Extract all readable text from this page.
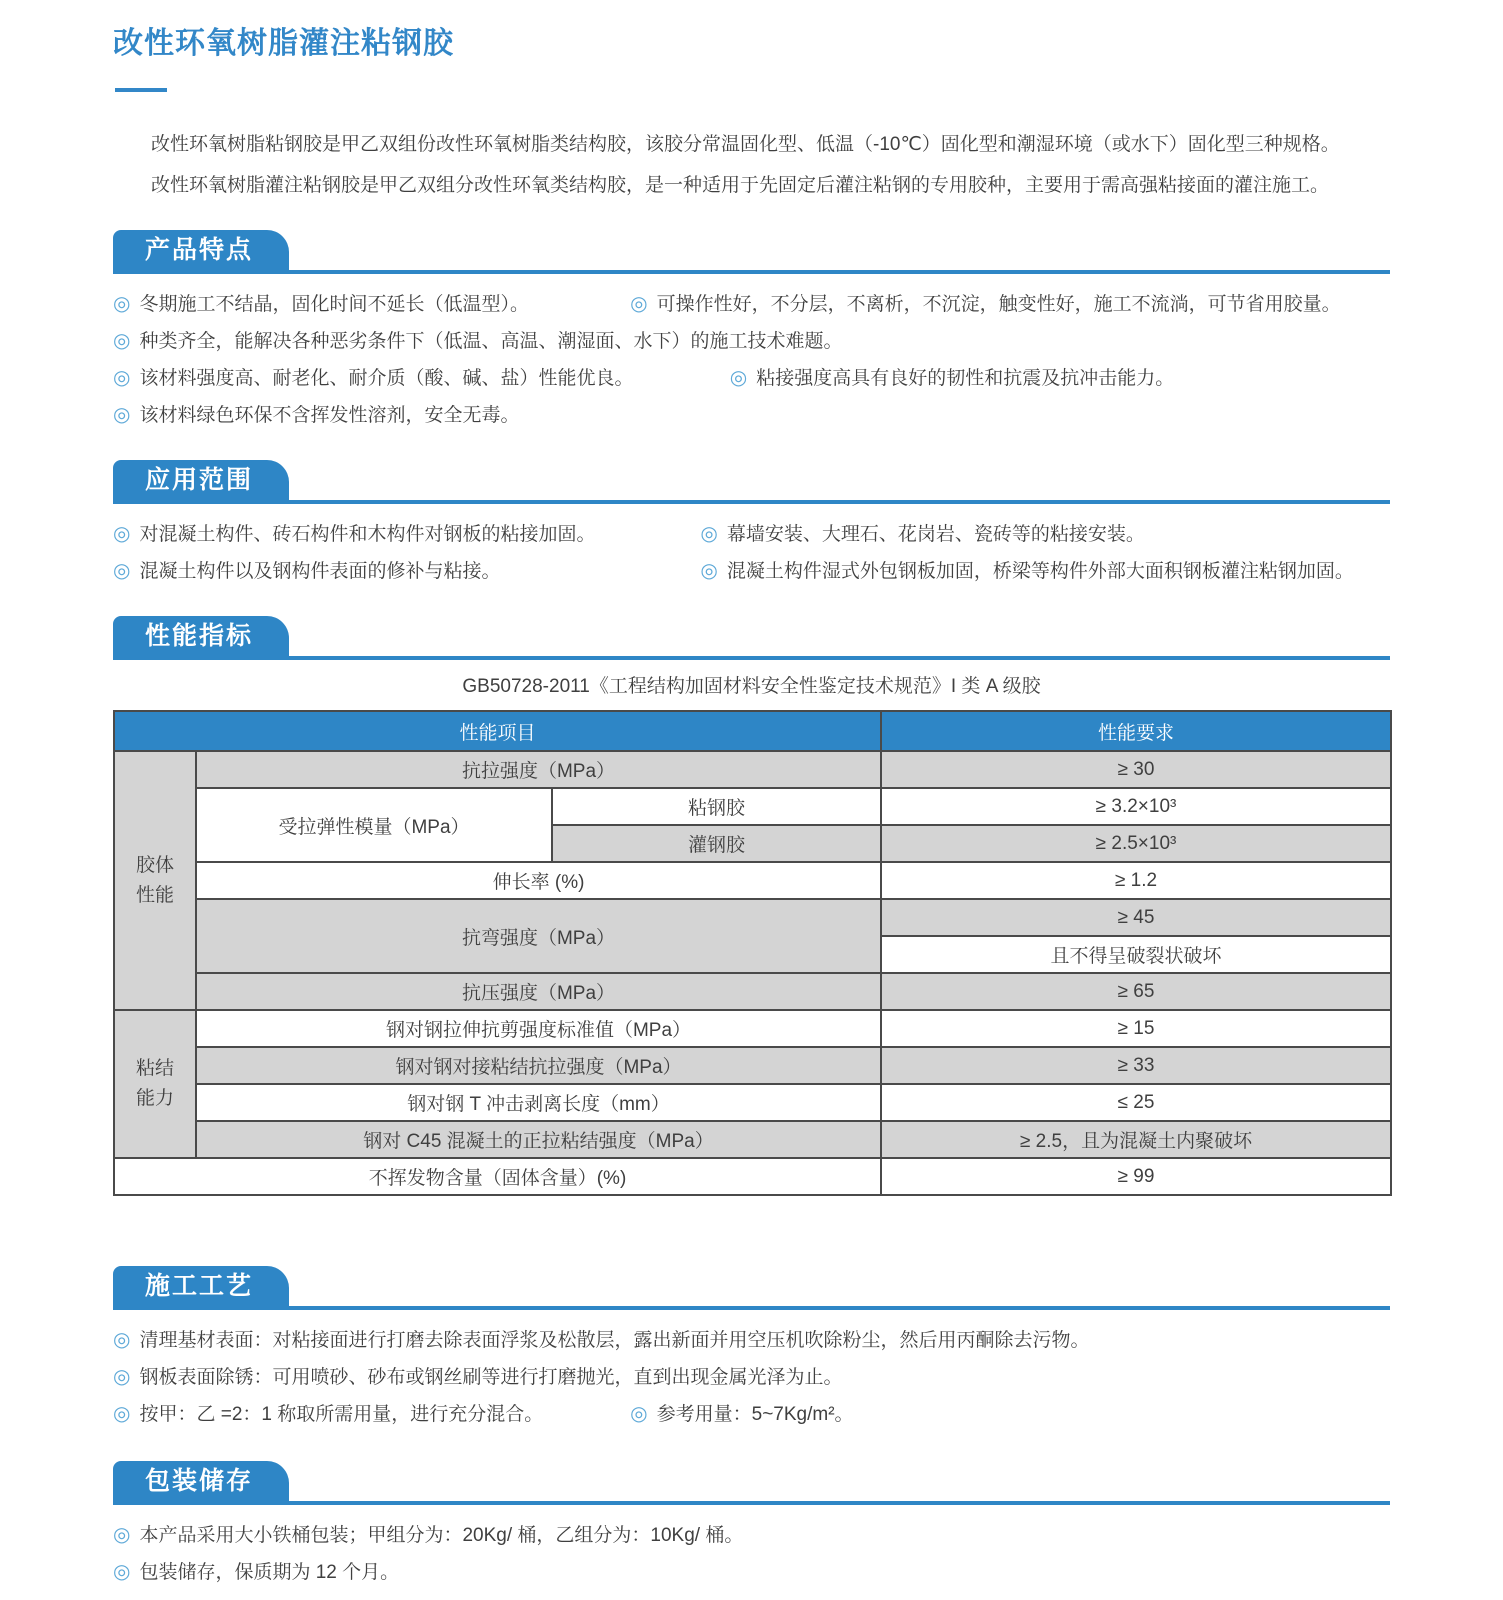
改性环氧树脂灌注粘钢胶

改性环氧树脂粘钢胶是甲乙双组份改性环氧树脂类结构胶，该胶分常温固化型、低温（-10℃）固化型和潮湿环境（或水下）固化型三种规格。

改性环氧树脂灌注粘钢胶是甲乙双组分改性环氧类结构胶，是一种适用于先固定后灌注粘钢的专用胶种，主要用于需高强粘接面的灌注施工。

产品特点
◎ 冬期施工不结晶，固化时间不延长（低温型）。	◎ 可操作性好，不分层，不离析，不沉淀，触变性好，施工不流淌，可节省用胶量。
◎ 种类齐全，能解决各种恶劣条件下（低温、高温、潮湿面、水下）的施工技术难题。
◎ 该材料强度高、耐老化、耐介质（酸、碱、盐）性能优良。	◎ 粘接强度高具有良好的韧性和抗震及抗冲击能力。
◎ 该材料绿色环保不含挥发性溶剂，安全无毒。
应用范围
◎ 对混凝土构件、砖石构件和木构件对钢板的粘接加固。	◎ 幕墙安装、大理石、花岗岩、瓷砖等的粘接安装。
◎ 混凝土构件以及钢构件表面的修补与粘接。	◎ 混凝土构件湿式外包钢板加固，桥梁等构件外部大面积钢板灌注粘钢加固。
性能指标
GB50728-2011《工程结构加固材料安全性鉴定技术规范》I 类 A 级胶
性能项目			性能要求
胶体
性能	抗拉强度（MPa）		≥ 30
	受拉弹性模量（MPa）	粘钢胶	≥ 3.2×10³
		灌钢胶	≥ 2.5×10³
	伸长率 (%)		≥ 1.2
	抗弯强度（MPa）		≥ 45
			且不得呈破裂状破坏
	抗压强度（MPa）		≥ 65
粘结
能力	钢对钢拉伸抗剪强度标准值（MPa）		≥ 15
	钢对钢对接粘结抗拉强度（MPa）		≥ 33
	钢对钢 T 冲击剥离长度（mm）		≤ 25
	钢对 C45 混凝土的正拉粘结强度（MPa）		≥ 2.5，且为混凝土内聚破坏
不挥发物含量（固体含量）(%)			≥ 99
施工工艺
◎ 清理基材表面：对粘接面进行打磨去除表面浮浆及松散层，露出新面并用空压机吹除粉尘，然后用丙酮除去污物。
◎ 钢板表面除锈：可用喷砂、砂布或钢丝刷等进行打磨抛光，直到出现金属光泽为止。
◎ 按甲：乙 =2：1 称取所需用量，进行充分混合。	◎ 参考用量：5~7Kg/m²。
包装储存
◎ 本产品采用大小铁桶包装；甲组分为：20Kg/ 桶，乙组分为：10Kg/ 桶。
◎ 包装储存，保质期为 12 个月。
